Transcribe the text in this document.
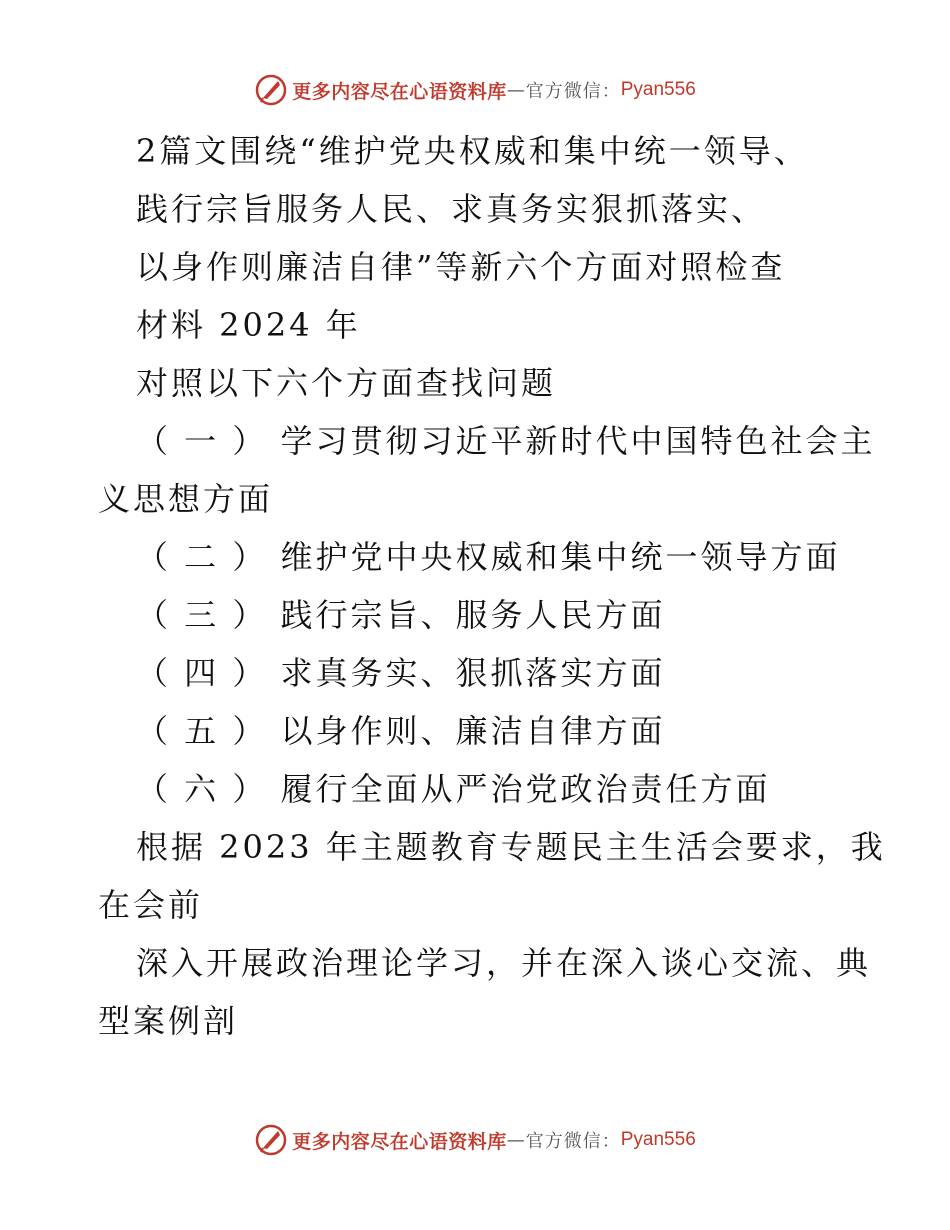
更多内容尽在心语资料库 — 官方微信： Pyan556
2篇文围绕“维护党央权威和集中统一领导、
践行宗旨服务人民、求真务实狠抓落实、
以身作则廉洁自律”等新六个方面对照检查
材料 2024 年
对照以下六个方面查找问题
（ 一 ） 学习贯彻习近平新时代中国特色社会主
义思想方面
（ 二 ） 维护党中央权威和集中统一领导方面
（ 三 ） 践行宗旨、服务人民方面
（ 四 ） 求真务实、狠抓落实方面
（ 五 ） 以身作则、廉洁自律方面
（ 六 ） 履行全面从严治党政治责任方面
根据 2023 年主题教育专题民主生活会要求，我
在会前
深入开展政治理论学习，并在深入谈心交流、典
型案例剖
更多内容尽在心语资料库 — 官方微信： Pyan556
